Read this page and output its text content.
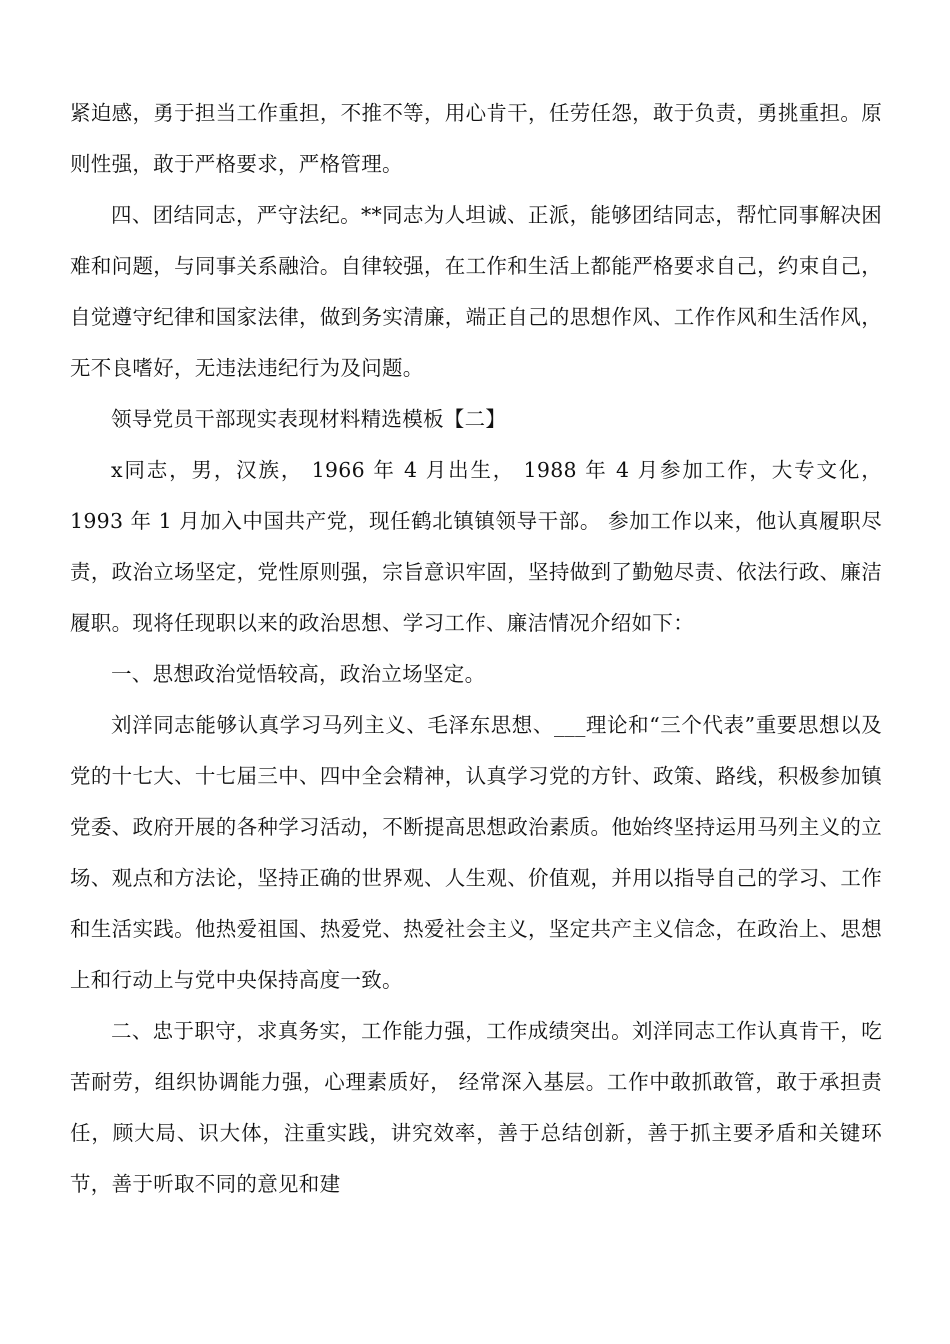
紧迫感，勇于担当工作重担，不推不等，用心肯干，任劳任怨，敢于负责，勇挑重担。原则性强，敢于严格要求，严格管理。

四、团结同志，严守法纪。**同志为人坦诚、正派，能够团结同志，帮忙同事解决困难和问题，与同事关系融洽。自律较强，在工作和生活上都能严格要求自己，约束自己，自觉遵守纪律和国家法律，做到务实清廉，端正自己的思想作风、工作作风和生活作风，无不良嗜好，无违法违纪行为及问题。

领导党员干部现实表现材料精选模板【二】

x同志，男，汉族， 1966 年 4 月出生， 1988 年 4 月参加工作，大专文化，1993 年 1 月加入中国共产党，现任鹤北镇镇领导干部。 参加工作以来，他认真履职尽责，政治立场坚定，党性原则强，宗旨意识牢固，坚持做到了勤勉尽责、依法行政、廉洁履职。现将任现职以来的政治思想、学习工作、廉洁情况介绍如下：

一、思想政治觉悟较高，政治立场坚定。

刘洋同志能够认真学习马列主义、毛泽东思想、___理论和“三个代表”重要思想以及党的十七大、十七届三中、四中全会精神，认真学习党的方针、政策、路线，积极参加镇党委、政府开展的各种学习活动，不断提高思想政治素质。他始终坚持运用马列主义的立场、观点和方法论，坚持正确的世界观、人生观、价值观，并用以指导自己的学习、工作和生活实践。他热爱祖国、热爱党、热爱社会主义，坚定共产主义信念，在政治上、思想上和行动上与党中央保持高度一致。

二、忠于职守，求真务实，工作能力强，工作成绩突出。刘洋同志工作认真肯干，吃苦耐劳，组织协调能力强，心理素质好， 经常深入基层。工作中敢抓敢管，敢于承担责任，顾大局、识大体，注重实践，讲究效率，善于总结创新，善于抓主要矛盾和关键环节，善于听取不同的意见和建
